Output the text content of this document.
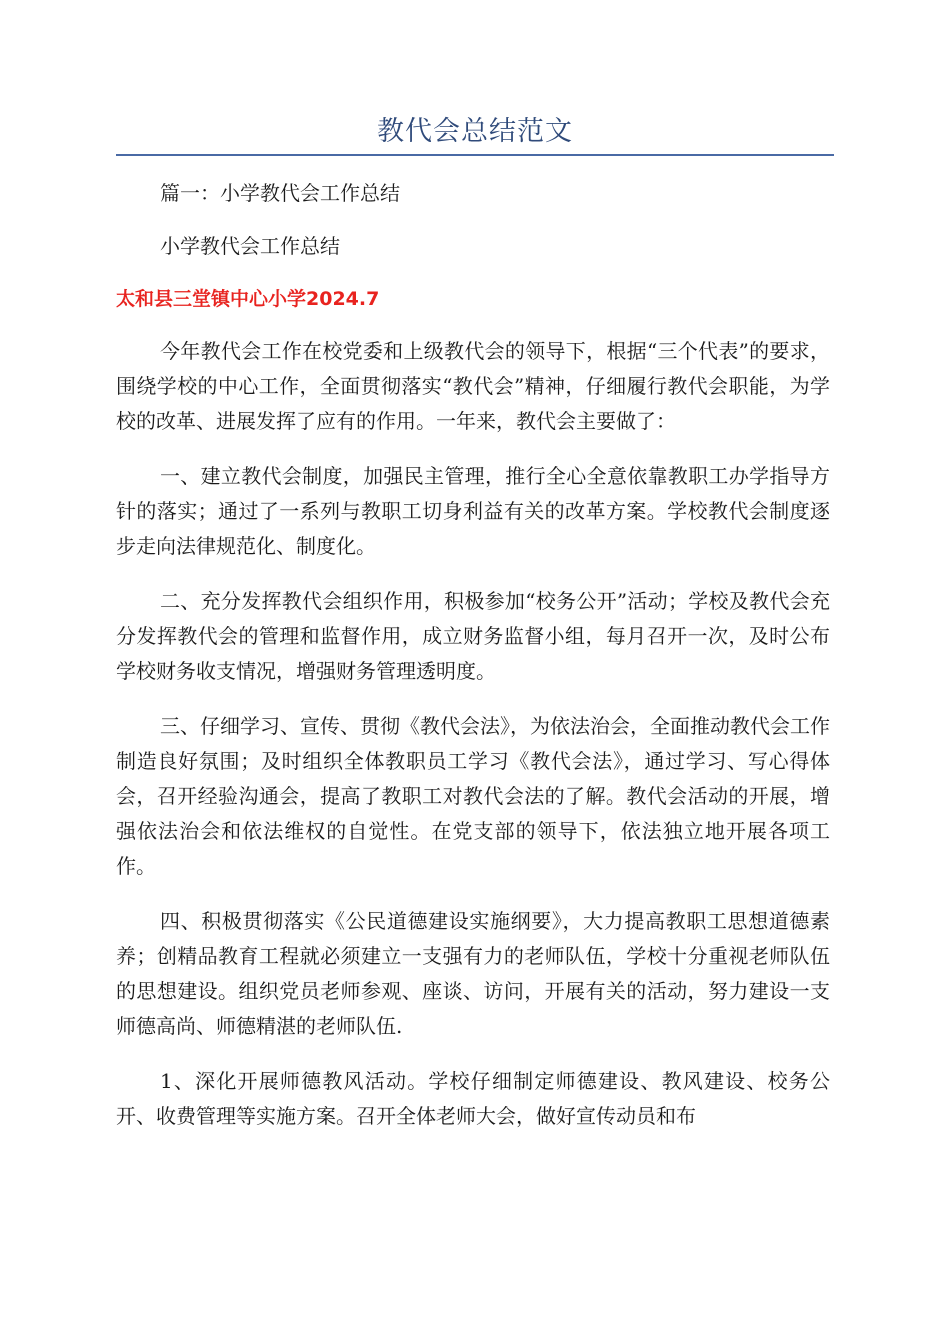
教代会总结范文

篇一：小学教代会工作总结

小学教代会工作总结

太和县三堂镇中心小学2024.7

今年教代会工作在校党委和上级教代会的领导下，根据“三个代表”的要求，围绕学校的中心工作，全面贯彻落实“教代会”精神，仔细履行教代会职能，为学校的改革、进展发挥了应有的作用。一年来，教代会主要做了：

一、建立教代会制度，加强民主管理，推行全心全意依靠教职工办学指导方针的落实；通过了一系列与教职工切身利益有关的改革方案。学校教代会制度逐步走向法律规范化、制度化。

二、充分发挥教代会组织作用，积极参加“校务公开”活动；学校及教代会充分发挥教代会的管理和监督作用，成立财务监督小组，每月召开一次，及时公布学校财务收支情况，增强财务管理透明度。

三、仔细学习、宣传、贯彻《教代会法》，为依法治会，全面推动教代会工作制造良好氛围；及时组织全体教职员工学习《教代会法》，通过学习、写心得体会，召开经验沟通会，提高了教职工对教代会法的了解。教代会活动的开展，增强依法治会和依法维权的自觉性。在党支部的领导下，依法独立地开展各项工作。

四、积极贯彻落实《公民道德建设实施纲要》，大力提高教职工思想道德素养；创精品教育工程就必须建立一支强有力的老师队伍，学校十分重视老师队伍的思想建设。组织党员老师参观、座谈、访问，开展有关的活动，努力建设一支师德高尚、师德精湛的老师队伍.

1、深化开展师德教风活动。学校仔细制定师德建设、教风建设、校务公开、收费管理等实施方案。召开全体老师大会，做好宣传动员和布
